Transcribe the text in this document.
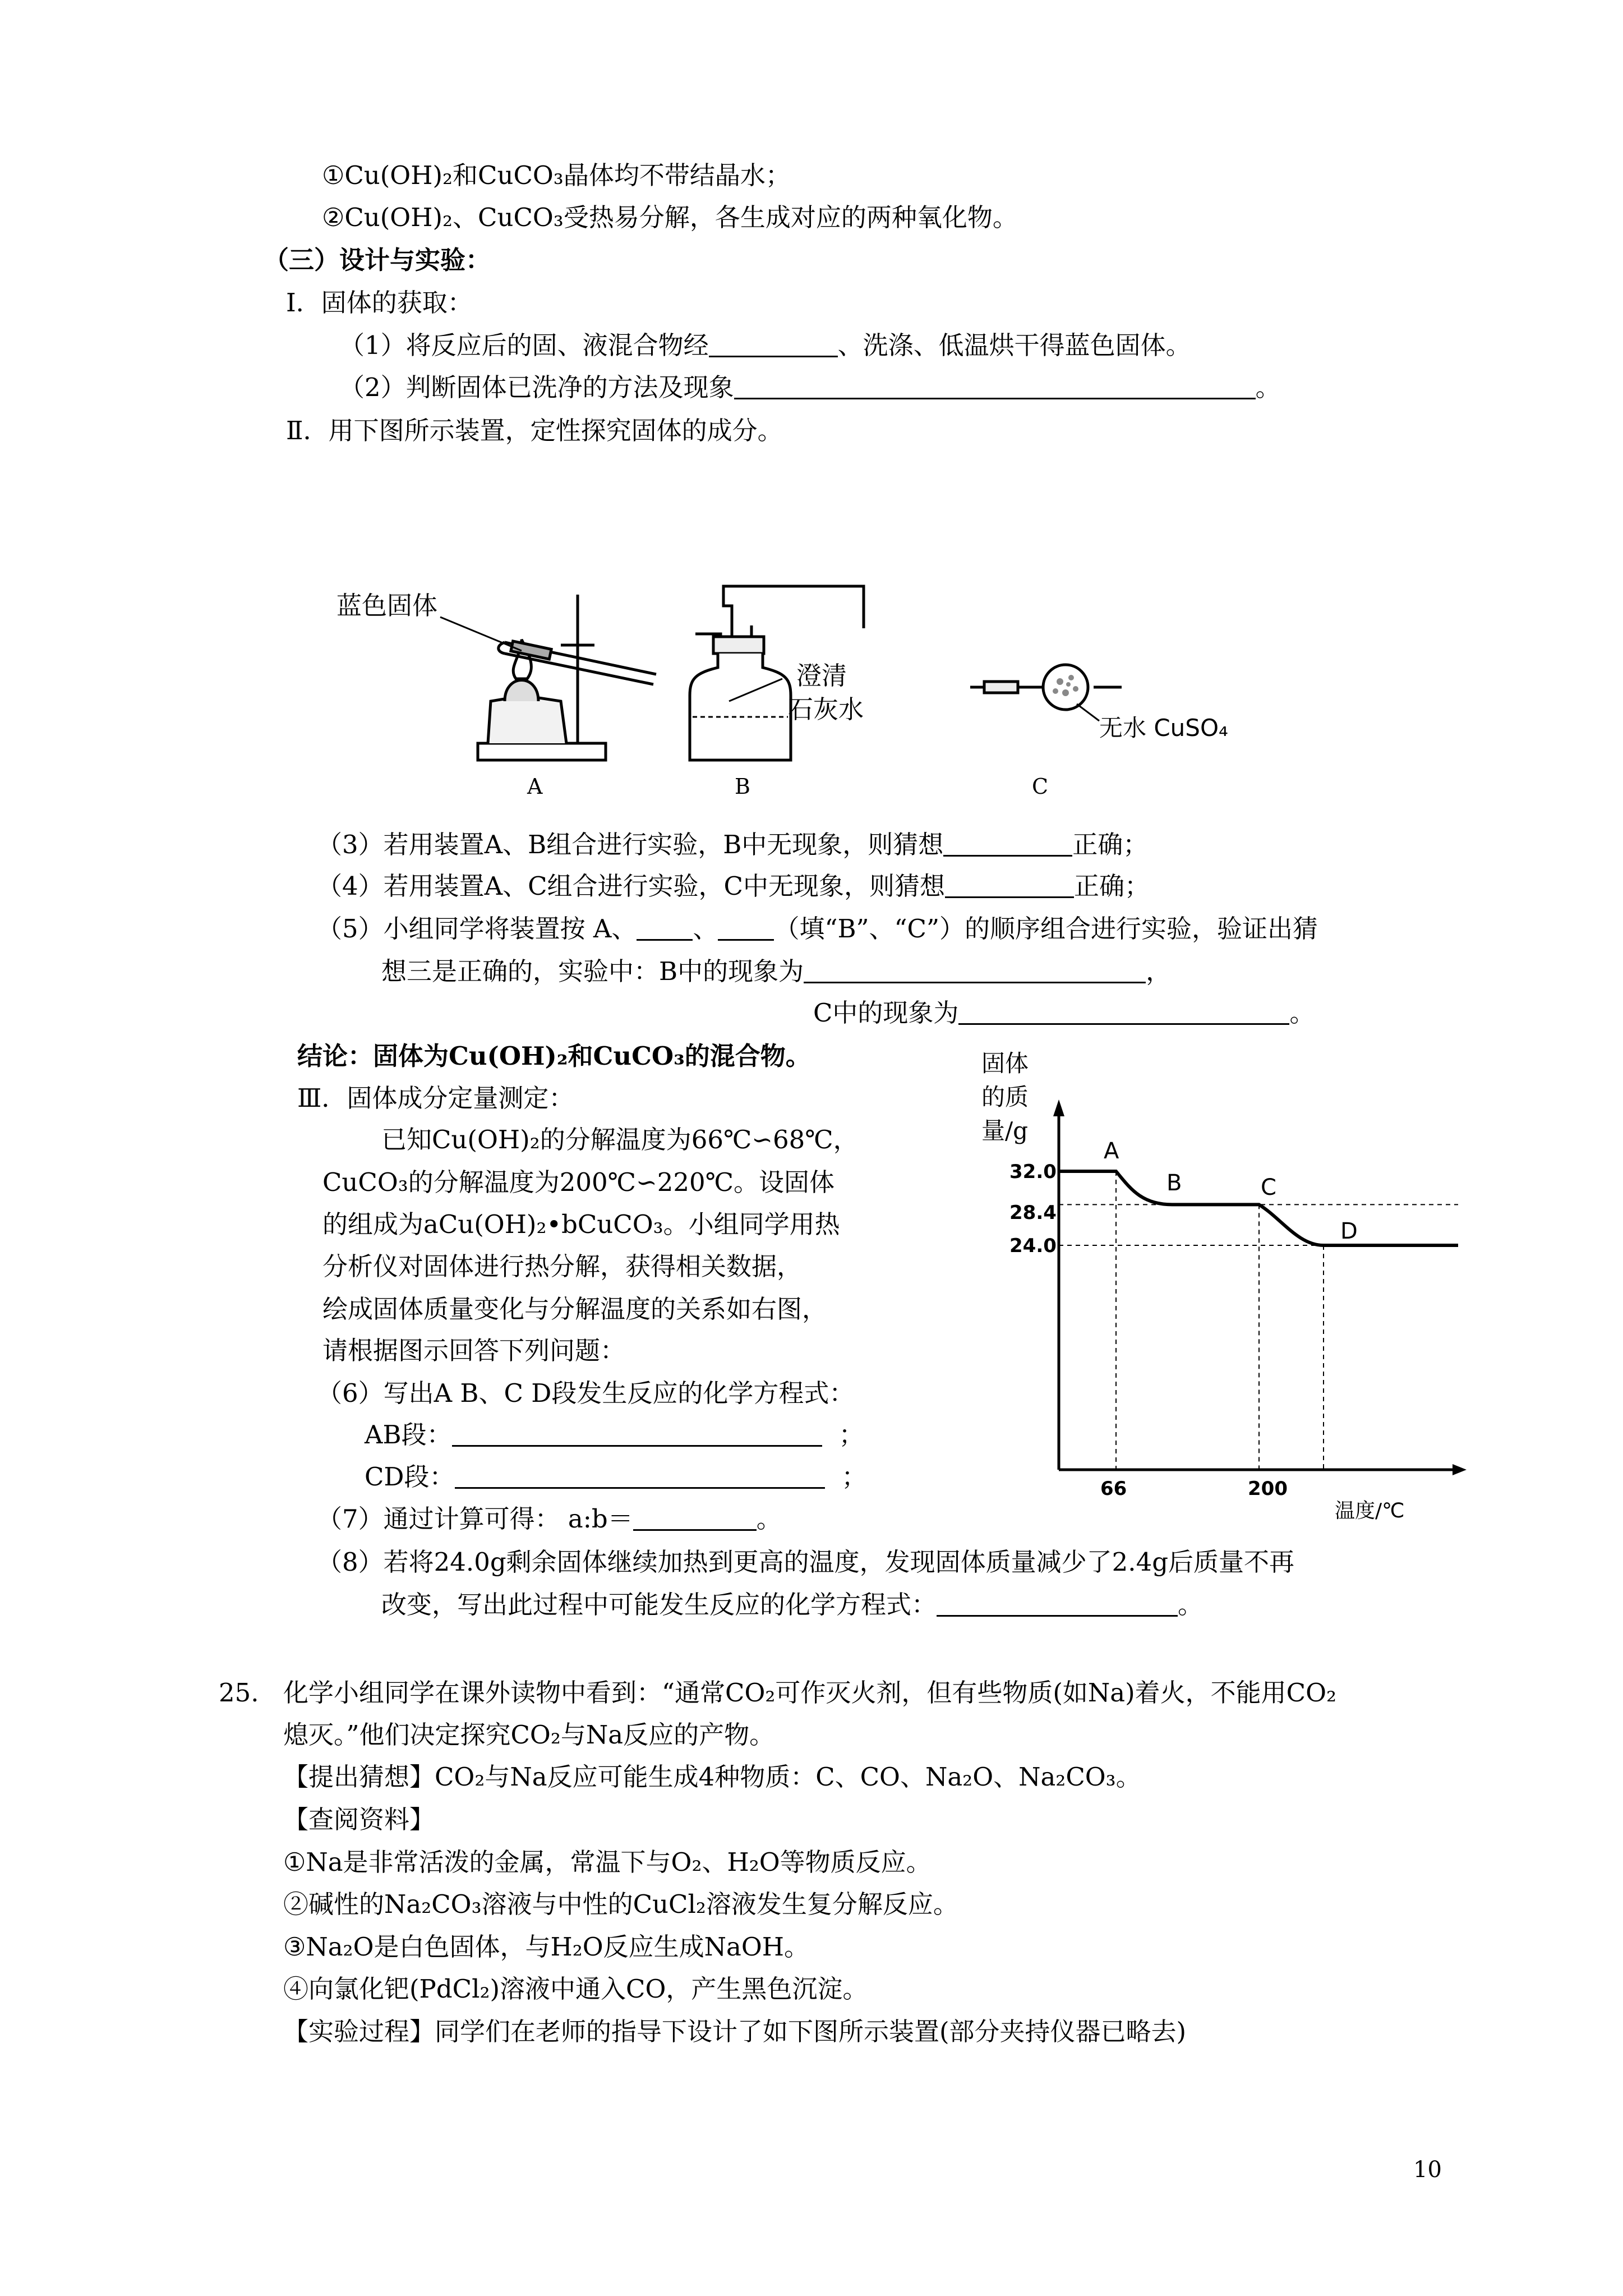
①Cu(OH)₂和CuCO₃晶体均不带结晶水；
②Cu(OH)₂、CuCO₃受热易分解，各生成对应的两种氧化物。
（三）设计与实验：
Ⅰ．固体的获取：
（1）将反应后的固、液混合物经	、洗涤、低温烘干得蓝色固体。
（2）判断固体已洗净的方法及现象	。
Ⅱ．用下图所示装置，定性探究固体的成分。
蓝色固体
A
澄清
石灰水
B
无水 CuSO₄
C
（3）若用装置A、B组合进行实验，B中无现象，则猜想	正确；
（4）若用装置A、C组合进行实验，C中无现象，则猜想	正确；
（5）小组同学将装置按 A、 、 （填“B”、“C”）的顺序组合进行实验，验证出猜
想三是正确的，实验中：B中的现象为	，
C中的现象为	。
结论：固体为Cu(OH)₂和CuCO₃的混合物。
Ⅲ．固体成分定量测定：
已知Cu(OH)₂的分解温度为66℃∽68℃，
CuCO₃的分解温度为200℃∽220℃。设固体
的组成为aCu(OH)₂•bCuCO₃。小组同学用热
分析仪对固体进行热分解，获得相关数据，
绘成固体质量变化与分解温度的关系如右图，
请根据图示回答下列问题：
（6）写出A B、C D段发生反应的化学方程式：
AB段：	；
CD段：	；
（7）通过计算可得： a:b＝	。
（8）若将24.0g剩余固体继续加热到更高的温度，发现固体质量减少了2.4g后质量不再
改变，写出此过程中可能发生反应的化学方程式：	。
固体
的质
量/g
32.0
28.4
24.0
66	200
温度/℃
A
B	C
D
25. 化学小组同学在课外读物中看到：“通常CO₂可作灭火剂，但有些物质(如Na)着火，不能用CO₂
熄灭。”他们决定探究CO₂与Na反应的产物。
【提出猜想】CO₂与Na反应可能生成4种物质：C、CO、Na₂O、Na₂CO₃。
【查阅资料】
①Na是非常活泼的金属，常温下与O₂、H₂O等物质反应。
②碱性的Na₂CO₃溶液与中性的CuCl₂溶液发生复分解反应。
③Na₂O是白色固体，与H₂O反应生成NaOH。
④向氯化钯(PdCl₂)溶液中通入CO，产生黑色沉淀。
【实验过程】同学们在老师的指导下设计了如下图所示装置(部分夹持仪器已略去)
10
